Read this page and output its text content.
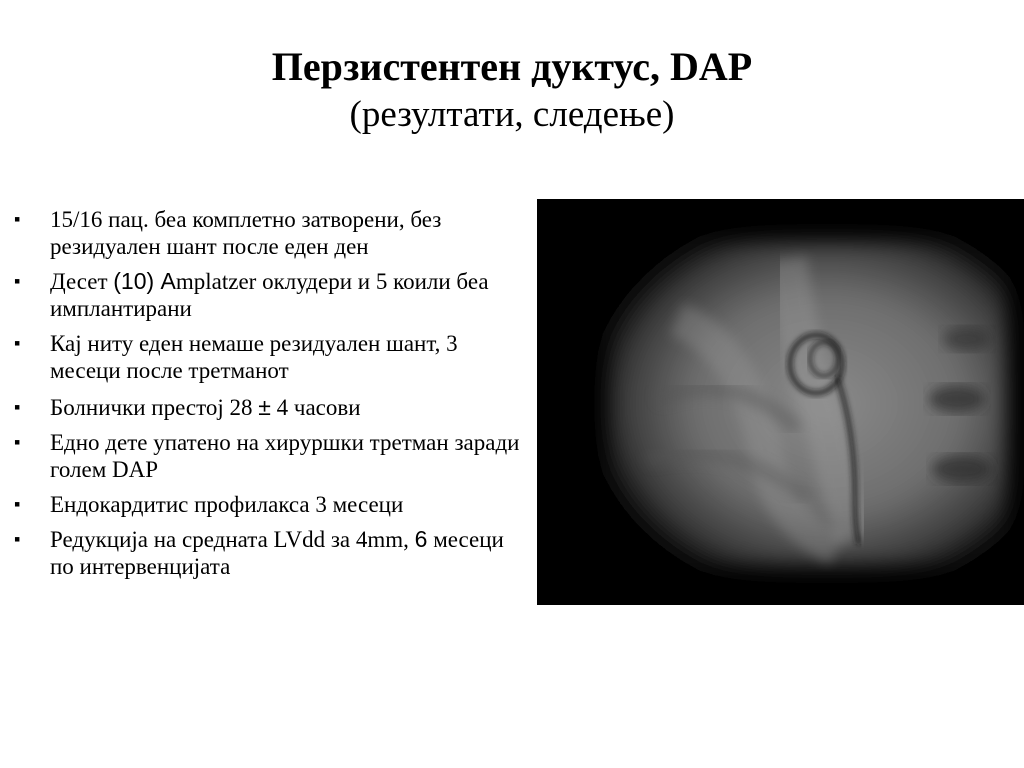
Перзистентен дуктус, DAP
(резултати, следење)
▪ 15/16 пац. беа комплетно затворени, без резидуален шант после еден ден
▪ Десет (10) Аmplatzer оклудери и 5 коили беа имплантирани
▪ Кај ниту еден немаше резидуален шант, 3 месеци после третманот
▪ Болнички престој 28 ± 4 часови
▪ Едно дете упатено на хируршки третман заради голем DAP
▪ Ендокардитис профилакса 3 месеци
▪ Редукција на средната LVdd за 4mm, 6 месеци по интервенцијата
